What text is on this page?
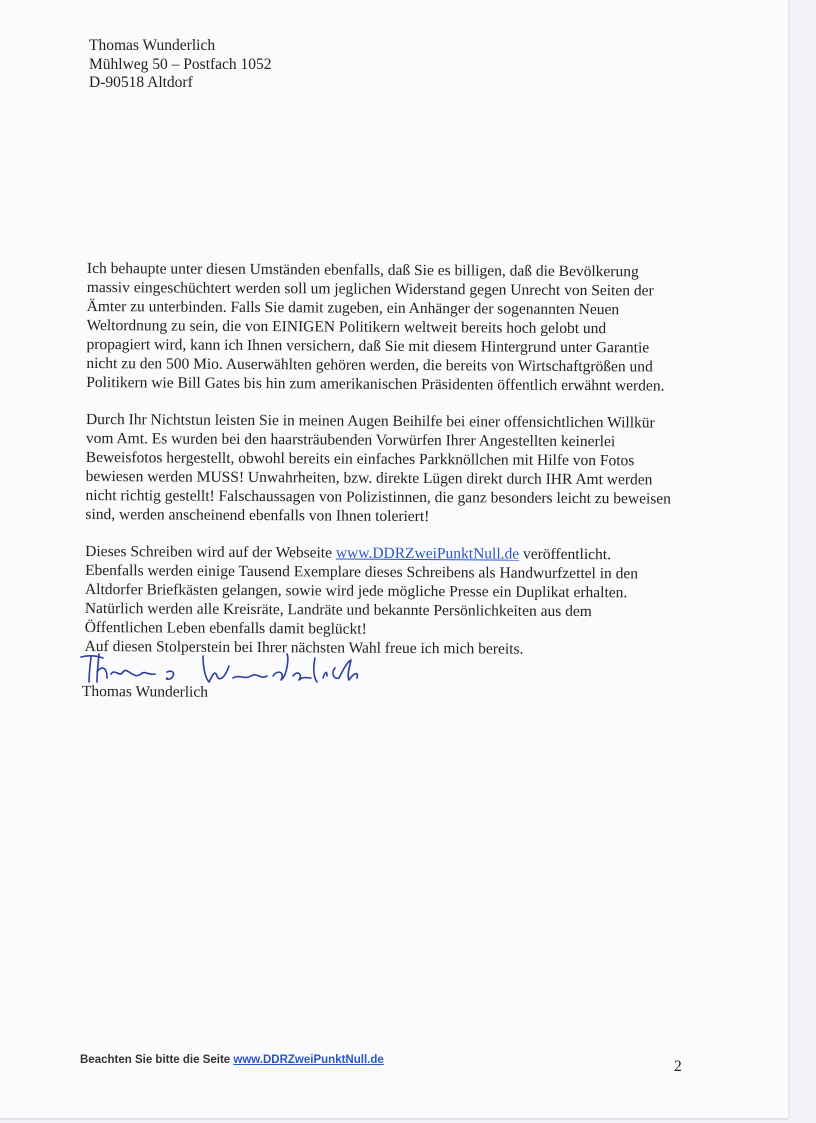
Thomas Wunderlich
Mühlweg 50 – Postfach 1052
D-90518 Altdorf
Ich behaupte unter diesen Umständen ebenfalls, daß Sie es billigen, daß die Bevölkerung
massiv eingeschüchtert werden soll um jeglichen Widerstand gegen Unrecht von Seiten der
Ämter zu unterbinden. Falls Sie damit zugeben, ein Anhänger der sogenannten Neuen
Weltordnung zu sein, die von EINIGEN Politikern weltweit bereits hoch gelobt und
propagiert wird, kann ich Ihnen versichern, daß Sie mit diesem Hintergrund unter Garantie
nicht zu den 500 Mio. Auserwählten gehören werden, die bereits von Wirtschaftgrößen und
Politikern wie Bill Gates bis hin zum amerikanischen Präsidenten öffentlich erwähnt werden.
Durch Ihr Nichtstun leisten Sie in meinen Augen Beihilfe bei einer offensichtlichen Willkür
vom Amt. Es wurden bei den haarsträubenden Vorwürfen Ihrer Angestellten keinerlei
Beweisfotos hergestellt, obwohl bereits ein einfaches Parkknöllchen mit Hilfe von Fotos
bewiesen werden MUSS! Unwahrheiten, bzw. direkte Lügen direkt durch IHR Amt werden
nicht richtig gestellt! Falschaussagen von Polizistinnen, die ganz besonders leicht zu beweisen
sind, werden anscheinend ebenfalls von Ihnen toleriert!
Dieses Schreiben wird auf der Webseite www.DDRZweiPunktNull.de veröffentlicht.
Ebenfalls werden einige Tausend Exemplare dieses Schreibens als Handwurfzettel in den
Altdorfer Briefkästen gelangen, sowie wird jede mögliche Presse ein Duplikat erhalten.
Natürlich werden alle Kreisräte, Landräte und bekannte Persönlichkeiten aus dem
Öffentlichen Leben ebenfalls damit beglückt!
Auf diesen Stolperstein bei Ihrer nächsten Wahl freue ich mich bereits.
Thomas Wunderlich
Beachten Sie bitte die Seite www.DDRZweiPunktNull.de	2
